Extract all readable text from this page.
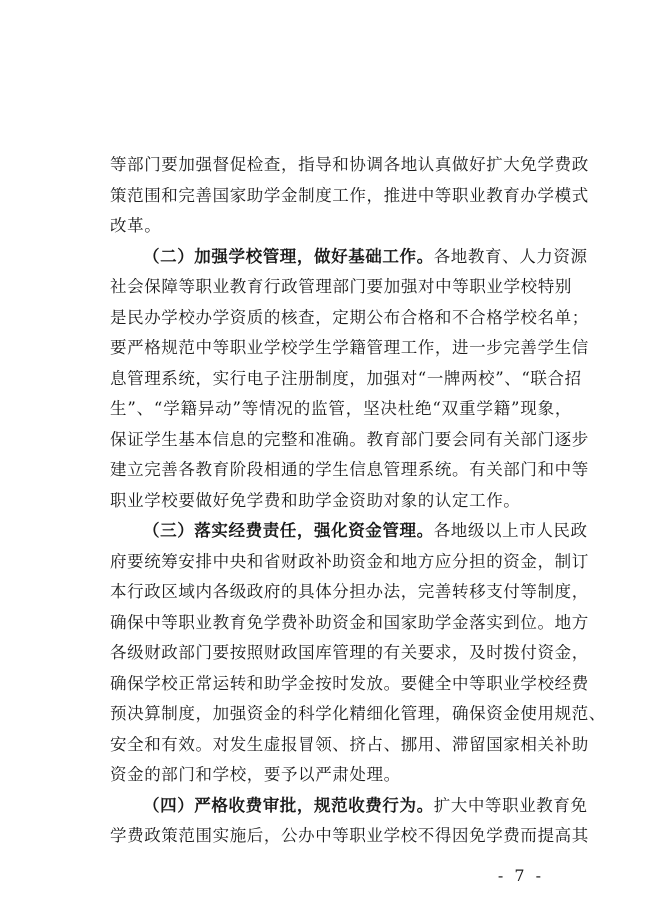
等部门要加强督促检查，指导和协调各地认真做好扩大免学费政
策范围和完善国家助学金制度工作，推进中等职业教育办学模式
改革。
（二）加强学校管理，做好基础工作。各地教育、人力资源
社会保障等职业教育行政管理部门要加强对中等职业学校特别
是民办学校办学资质的核查，定期公布合格和不合格学校名单；
要严格规范中等职业学校学生学籍管理工作，进一步完善学生信
息管理系统，实行电子注册制度，加强对“一牌两校”、“联合招
生”、“学籍异动”等情况的监管，坚决杜绝“双重学籍”现象，
保证学生基本信息的完整和准确。教育部门要会同有关部门逐步
建立完善各教育阶段相通的学生信息管理系统。有关部门和中等
职业学校要做好免学费和助学金资助对象的认定工作。
（三）落实经费责任，强化资金管理。各地级以上市人民政
府要统筹安排中央和省财政补助资金和地方应分担的资金，制订
本行政区域内各级政府的具体分担办法，完善转移支付等制度，
确保中等职业教育免学费补助资金和国家助学金落实到位。地方
各级财政部门要按照财政国库管理的有关要求，及时拨付资金，
确保学校正常运转和助学金按时发放。要健全中等职业学校经费
预决算制度，加强资金的科学化精细化管理，确保资金使用规范、
安全和有效。对发生虚报冒领、挤占、挪用、滞留国家相关补助
资金的部门和学校，要予以严肃处理。
（四）严格收费审批，规范收费行为。扩大中等职业教育免
学费政策范围实施后，公办中等职业学校不得因免学费而提高其
- 7 -
